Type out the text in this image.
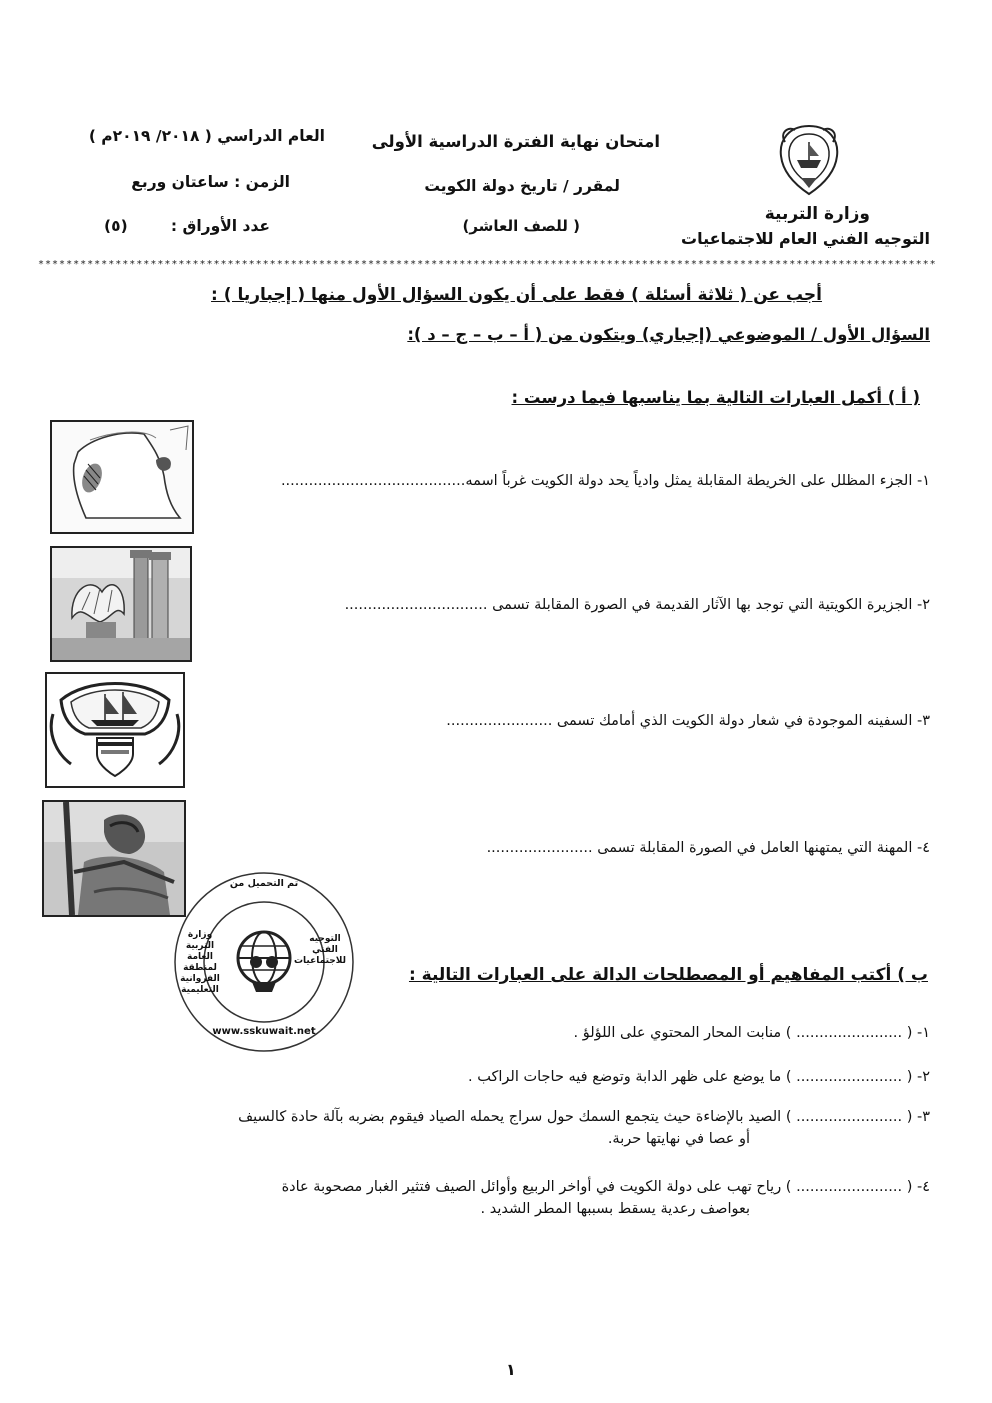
وزارة التربية
التوجيه الفني العام للاجتماعيات
امتحان نهاية الفترة الدراسية الأولى
لمقرر / تاريخ دولة الكويت
( للصف العاشر)
العام الدراسي ( ٢٠١٨/ ٢٠١٩م )
الزمن : ساعتان وربع
عدد الأوراق :
(٥)
********************************************************************************************************************************
أجب عن ( ثلاثة أسئلة ) فقط على أن يكون السؤال الأول منها ( إجباريا ) :
السؤال الأول / الموضوعي (إجباري) ويتكون من ( أ – ب – ج – د ):
( أ ) أكمل العبارات التالية بما يناسبها فيما درست :
١- الجزء المظلل على الخريطة المقابلة يمثل وادياً يحد دولة الكويت غرباً اسمه........................................
٢- الجزيرة الكويتية التي توجد بها الآثار القديمة في الصورة المقابلة تسمى ...............................
٣- السفينه الموجودة في شعار دولة الكويت الذي أمامك تسمى .......................
٤- المهنة التي يمتهنها العامل في الصورة المقابلة تسمى .......................
تم التحميل من
وزارة التربية العامة لمنطقة الفروانية التعليمية
التوجيه الفني للاجتماعيات
www.sskuwait.net
ب ) أكتب المفاهيم أو المصطلحات الدالة على العبارات التالية :
١- ( ....................... ) منابت المحار المحتوي على اللؤلؤ .
٢- ( ....................... ) ما يوضع على ظهر الدابة وتوضع فيه حاجات الراكب .
٣- ( ....................... ) الصيد بالإضاءة حيث يتجمع السمك حول سراج يحمله الصياد فيقوم بضربه بآلة حادة كالسيف
أو عصا في نهايتها حربة.
٤- ( ....................... ) رياح تهب على دولة الكويت في أواخر الربيع وأوائل الصيف فتثير الغبار مصحوبة عادة
بعواصف رعدية يسقط بسببها المطر الشديد .
١
